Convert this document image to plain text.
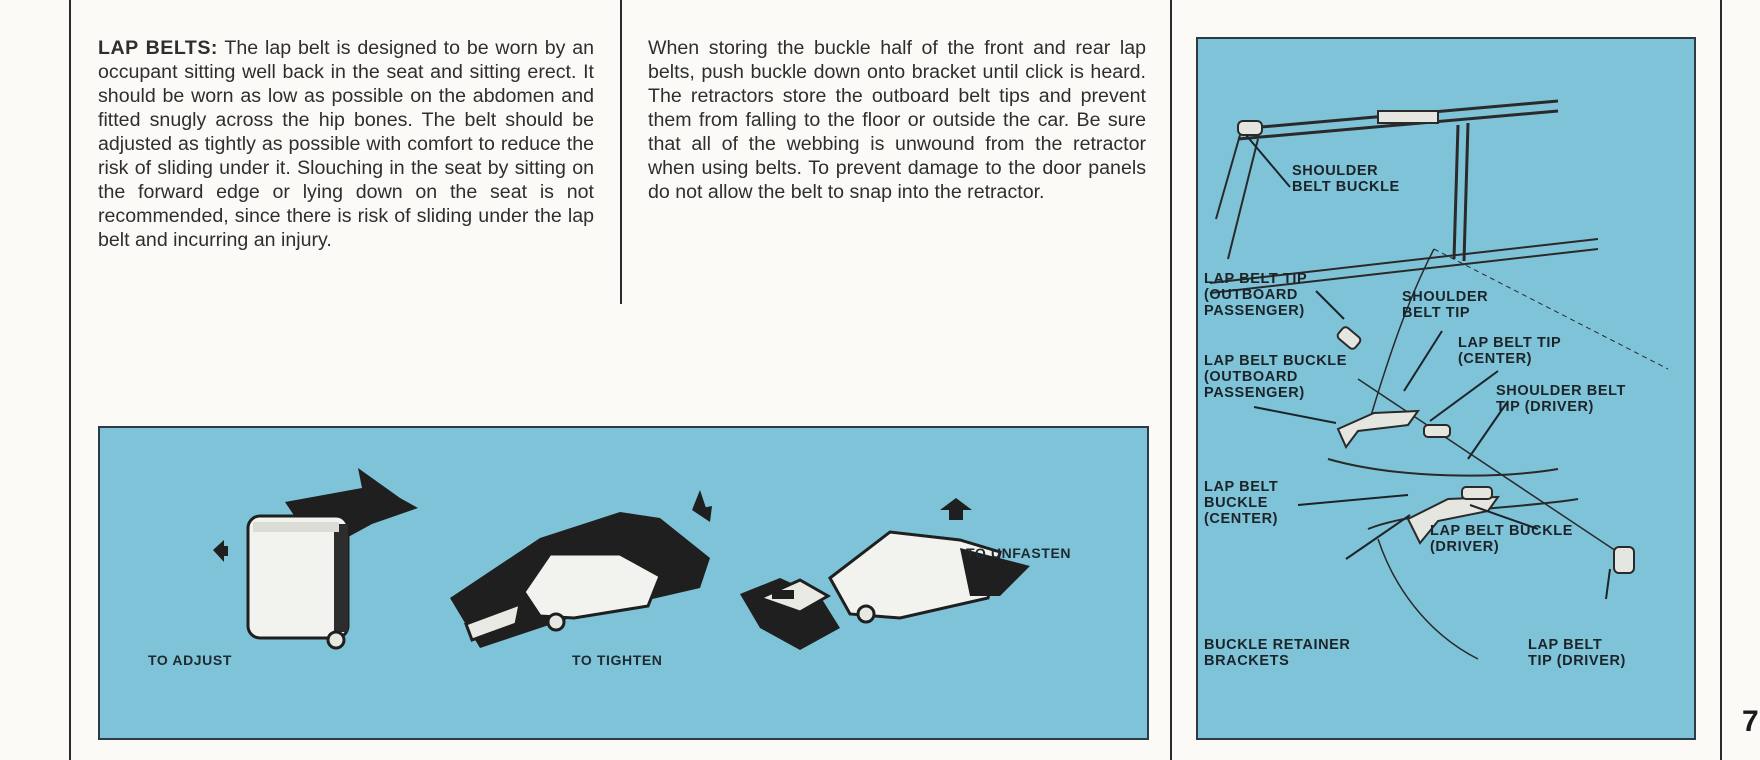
LAP BELTS: The lap belt is designed to be worn by an occupant sitting well back in the seat and sitting erect. It should be worn as low as possible on the abdomen and fitted snugly across the hip bones. The belt should be adjusted as tightly as possible with comfort to reduce the risk of sliding under it. Slouching in the seat by sitting on the forward edge or lying down on the seat is not recommended, since there is risk of sliding under the lap belt and incurring an injury.
When storing the buckle half of the front and rear lap belts, push buckle down onto bracket until click is heard. The retractors store the outboard belt tips and prevent them from falling to the floor or outside the car. Be sure that all of the webbing is unwound from the retractor when using belts. To prevent damage to the door panels do not allow the belt to snap into the retractor.
TO ADJUST	TO TIGHTEN
TO UNFASTEN
SHOULDER
BELT BUCKLE
LAP BELT TIP
(OUTBOARD
PASSENGER)
SHOULDER
BELT TIP
LAP BELT TIP
(CENTER)
LAP BELT BUCKLE
(OUTBOARD
PASSENGER)	SHOULDER BELT
TIP (DRIVER)
LAP BELT
BUCKLE
(CENTER)
LAP BELT BUCKLE
(DRIVER)
BUCKLE RETAINER
BRACKETS
LAP BELT
TIP (DRIVER)
7
